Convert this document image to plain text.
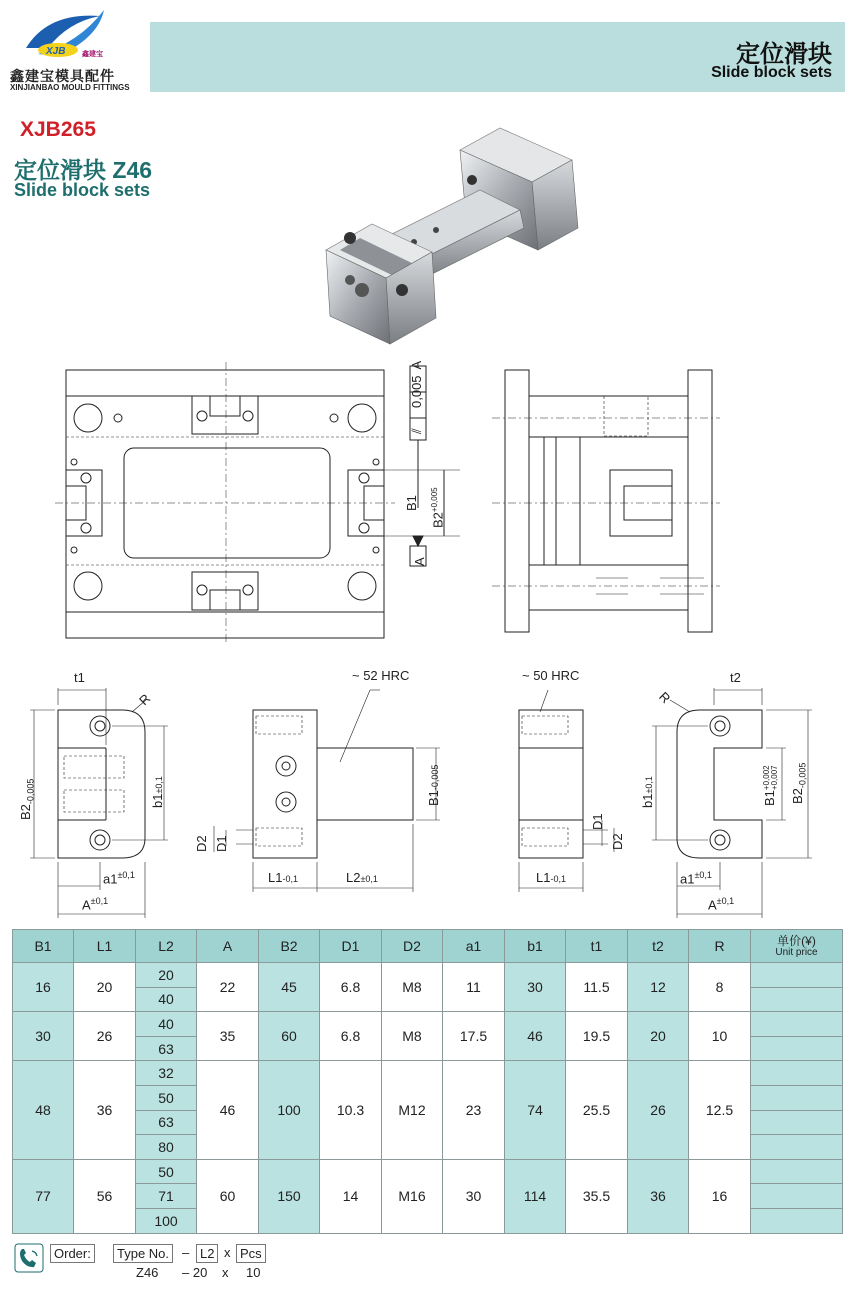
XJB 鑫建宝
鑫建宝模具配件
XINJIANBAO MOULD FITTINGS
定位滑块
Slide block sets
XJB265
定位滑块 Z46
Slide block sets
⫽0,005A
B1
$B2^{+0,005}$
A
t1
R
$B2_{-0,005}$	b1±0,1
$a1^{\pm 0,1}$
$A^{\pm 0,1}$
~ 52 HRC
B1-0,005
D2 D1
L1-0,1	L2±0,1
~ 50 HRC
D1
D2
L1-0,1
t2
R
b1±0,1
B1+0,002
+0,007
$B2_{-0,005}$
$a1^{\pm 0,1}$
$A^{\pm 0,1}$
B1	L1	L2	A	B2	D1	D2	a1	b1	t1	t2	R	单价(¥)
Unit price

16	20	20	22	45	6.8	M8	11	30	11.5	12	8	
		40										
30	26	40	35	60	6.8	M8	17.5	46	19.5	20	10	
		63										
48	36	32	46	100	10.3	M12	23	74	25.5	26	12.5	
		50										
		63										
		80										
77	56	50	60	150	14	M16	30	114	35.5	36	16	
		71										
		100										
Order:	Type No. – L2 x Pcs
Z46 – 20 x 10
